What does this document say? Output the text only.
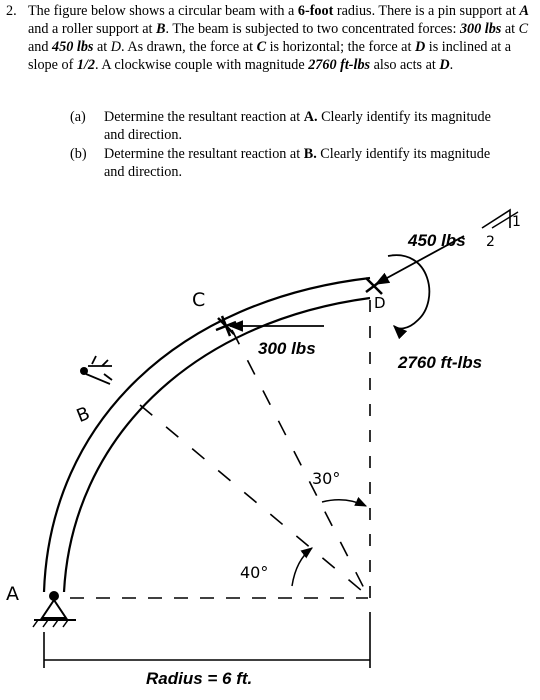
2. The figure below shows a circular beam with a 6-foot radius. There is a pin support at A and a roller support at B. The beam is subjected to two concentrated forces: 300 lbs at C and 450 lbs at D. As drawn, the force at C is horizontal; the force at D is inclined at a slope of 1/2. A clockwise couple with magnitude 2760 ft-lbs also acts at D.
(a) Determine the resultant reaction at A. Clearly identify its magnitude and direction.
(b) Determine the resultant reaction at B. Clearly identify its magnitude and direction.
A
B
C	D
450 lbs 2
1
300 lbs
2760 ft-lbs
30°
40°
Radius = 6 ft.
